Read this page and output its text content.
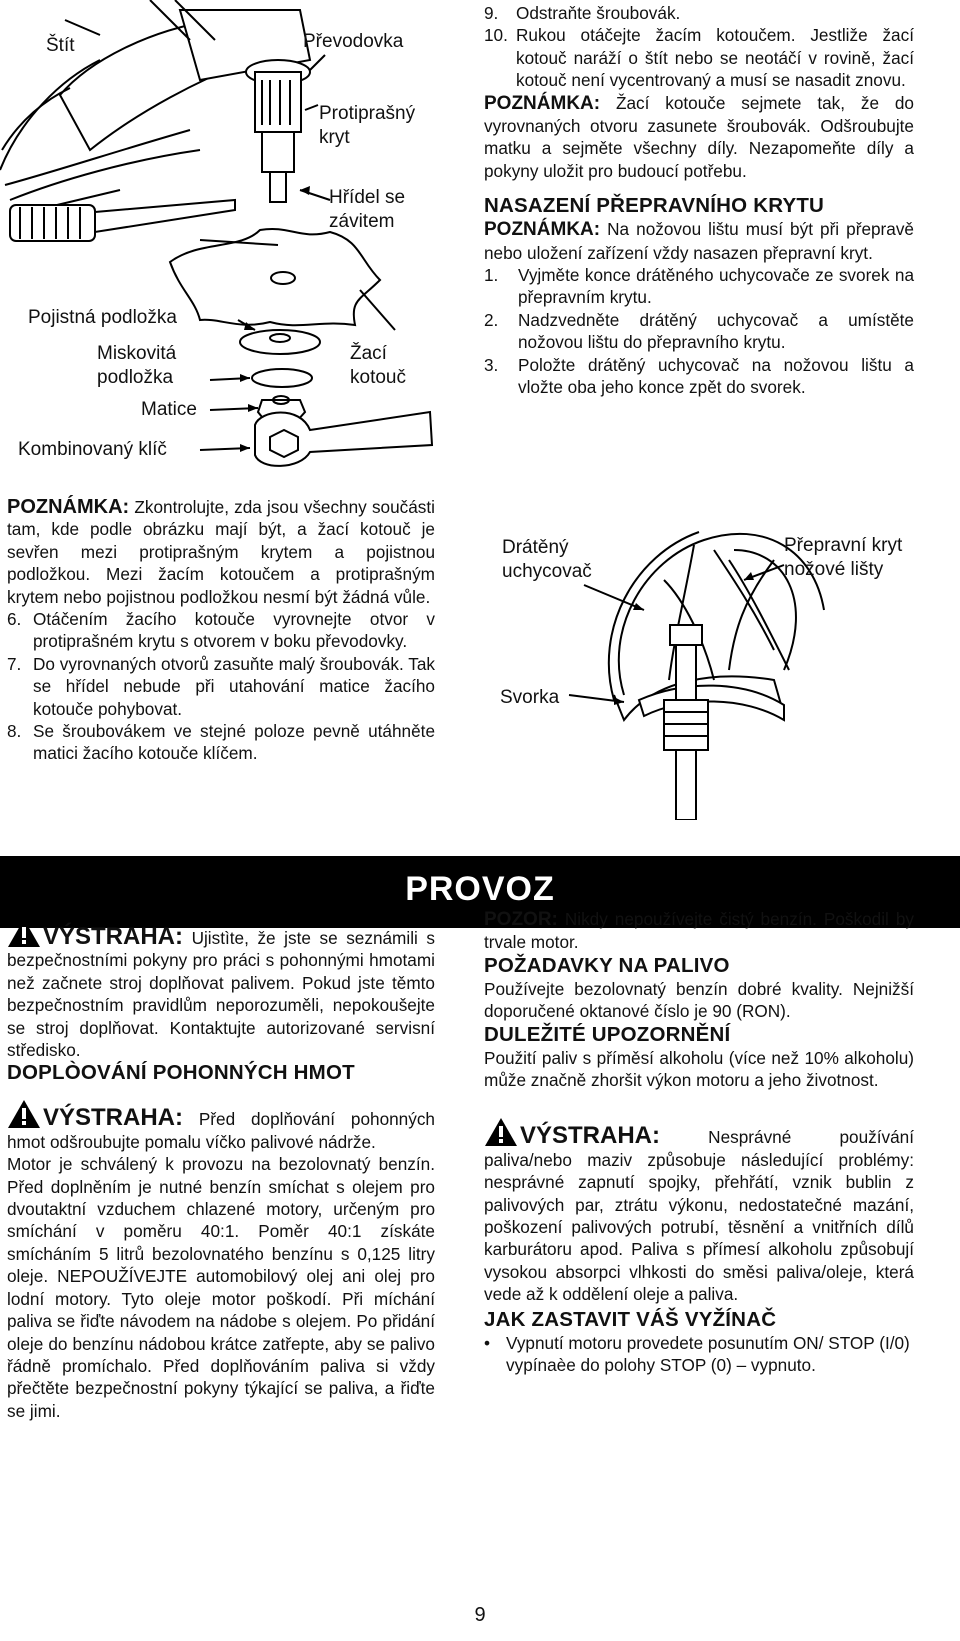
Štít	Převodovka
Protiprašný
kryt
Hřídel se
závitem
Pojistná podložka
Miskovitá
podložka
Žací
kotouč
Matice
Kombinovaný klíč

POZNÁMKA: Zkontrolujte, zda jsou všechny součásti tam, kde podle obrázku mají být, a žací kotouč je sevřen mezi protiprašným krytem a pojistnou podložkou. Mezi žacím kotoučem a protiprašným krytem nebo pojistnou podložkou nesmí být žádná vůle.

6. Otáčením žacího kotouče vyrovnejte otvor v protiprašném krytu s otvorem v boku převodovky.
7. Do vyrovnaných otvorů zasuňte malý šroubovák. Tak se hřídel nebude při utahování matice žacího kotouče pohybovat.
8. Se šroubovákem ve stejné poloze pevně utáhněte matici žacího kotouče klíčem.
9.	Odstraňte šroubovák.
10. Rukou otáčejte žacím kotoučem. Jestliže žací kotouč naráží o štít nebo se neotáčí v rovině, žací kotouč není vycentrovaný a musí se nasadit znovu.

POZNÁMKA: Žací kotouče sejmete tak, že do vyrovnaných otvoru zasunete šroubovák. Odšroubujte matku a sejměte všechny díly. Nezapomeňte díly a pokyny uložit pro budoucí potřebu.

NASAZENÍ PŘEPRAVNÍHO KRYTU

POZNÁMKA: Na nožovou lištu musí být při přepravě nebo uložení zařízení vždy nasazen přepravní kryt.

1.	Vyjměte konce drátěného uchycovače ze svorek na přepravním krytu.
2.	Nadzvedněte drátěný uchycovač a umístěte nožovou lištu do přepravního krytu.
3.	Položte drátěný uchycovač na nožovou lištu a vložte oba jeho konce zpět do svorek.
Drátěný
uchycovač
Přepravní kryt
nožové lišty
Svorka
PROVOZ

VÝSTRAHA: Ujistìte, že jste se seznámili s bezpečnostními pokyny pro práci s pohonnými hmotami než začnete stroj doplňovat palivem. Pokud jste těmto bezpečnostním pravidlům neporozuměli, nepokoušejte se stroj doplňovat. Kontaktujte autorizované servisní středisko.

DOPLÒOVÁNÍ POHONNÝCH HMOT

VÝSTRAHA: Před doplňování pohonných hmot odšroubujte pomalu víčko palivové nádrže.

Motor je schválený k provozu na bezolovnatý benzín. Před doplněním je nutné benzín smíchat s olejem pro dvoutaktní vzduchem chlazené motory, určeným pro smíchání v poměru 40:1. Poměr 40:1 získáte smícháním 5 litrů bezolovnatého benzínu s 0,125 litry oleje. NEPOUŽÍVEJTE automobilový olej ani olej pro lodní motory. Tyto oleje motor poškodí. Při míchání paliva se řiďte návodem na nádobe s olejem. Po přidání oleje do benzínu nádobou krátce zatřepte, aby se palivo řádně promíchalo. Před doplňováním paliva si vždy přečtěte bezpečnostní pokyny týkající se paliva, a řiďte se jimi.

POZOR: Nikdy nepoužívejte čistý benzín. Poškodil by trvale motor.

POŽADAVKY NA PALIVO

Používejte bezolovnatý benzín dobré kvality. Nejnižší doporučené oktanové číslo je 90 (RON).

DULEŽITÉ UPOZORNĚNÍ

Použití paliv s příměsí alkoholu (více než 10% alkoholu) může značně zhoršit výkon motoru a jeho životnost.

VÝSTRAHA: Nesprávné používání paliva/nebo maziv způsobuje následující problémy: nesprávné zapnutí spojky, přehřátí, vznik bublin z palivových par, ztrátu výkonu, nedostatečné mazání, poškození palivových potrubí, těsnění a vnitřních dílů karburátoru apod. Paliva s přímesí alkoholu způsobují vysokou absorpci vlhkosti do směsi paliva/oleje, která vede až k oddělení oleje a paliva.

JAK ZASTAVIT VÁŠ VYŽÍNAČ
• Vypnutí motoru provedete posunutím ON/ STOP (I/0) vypínaèe do polohy STOP (0) – vypnuto.
9
